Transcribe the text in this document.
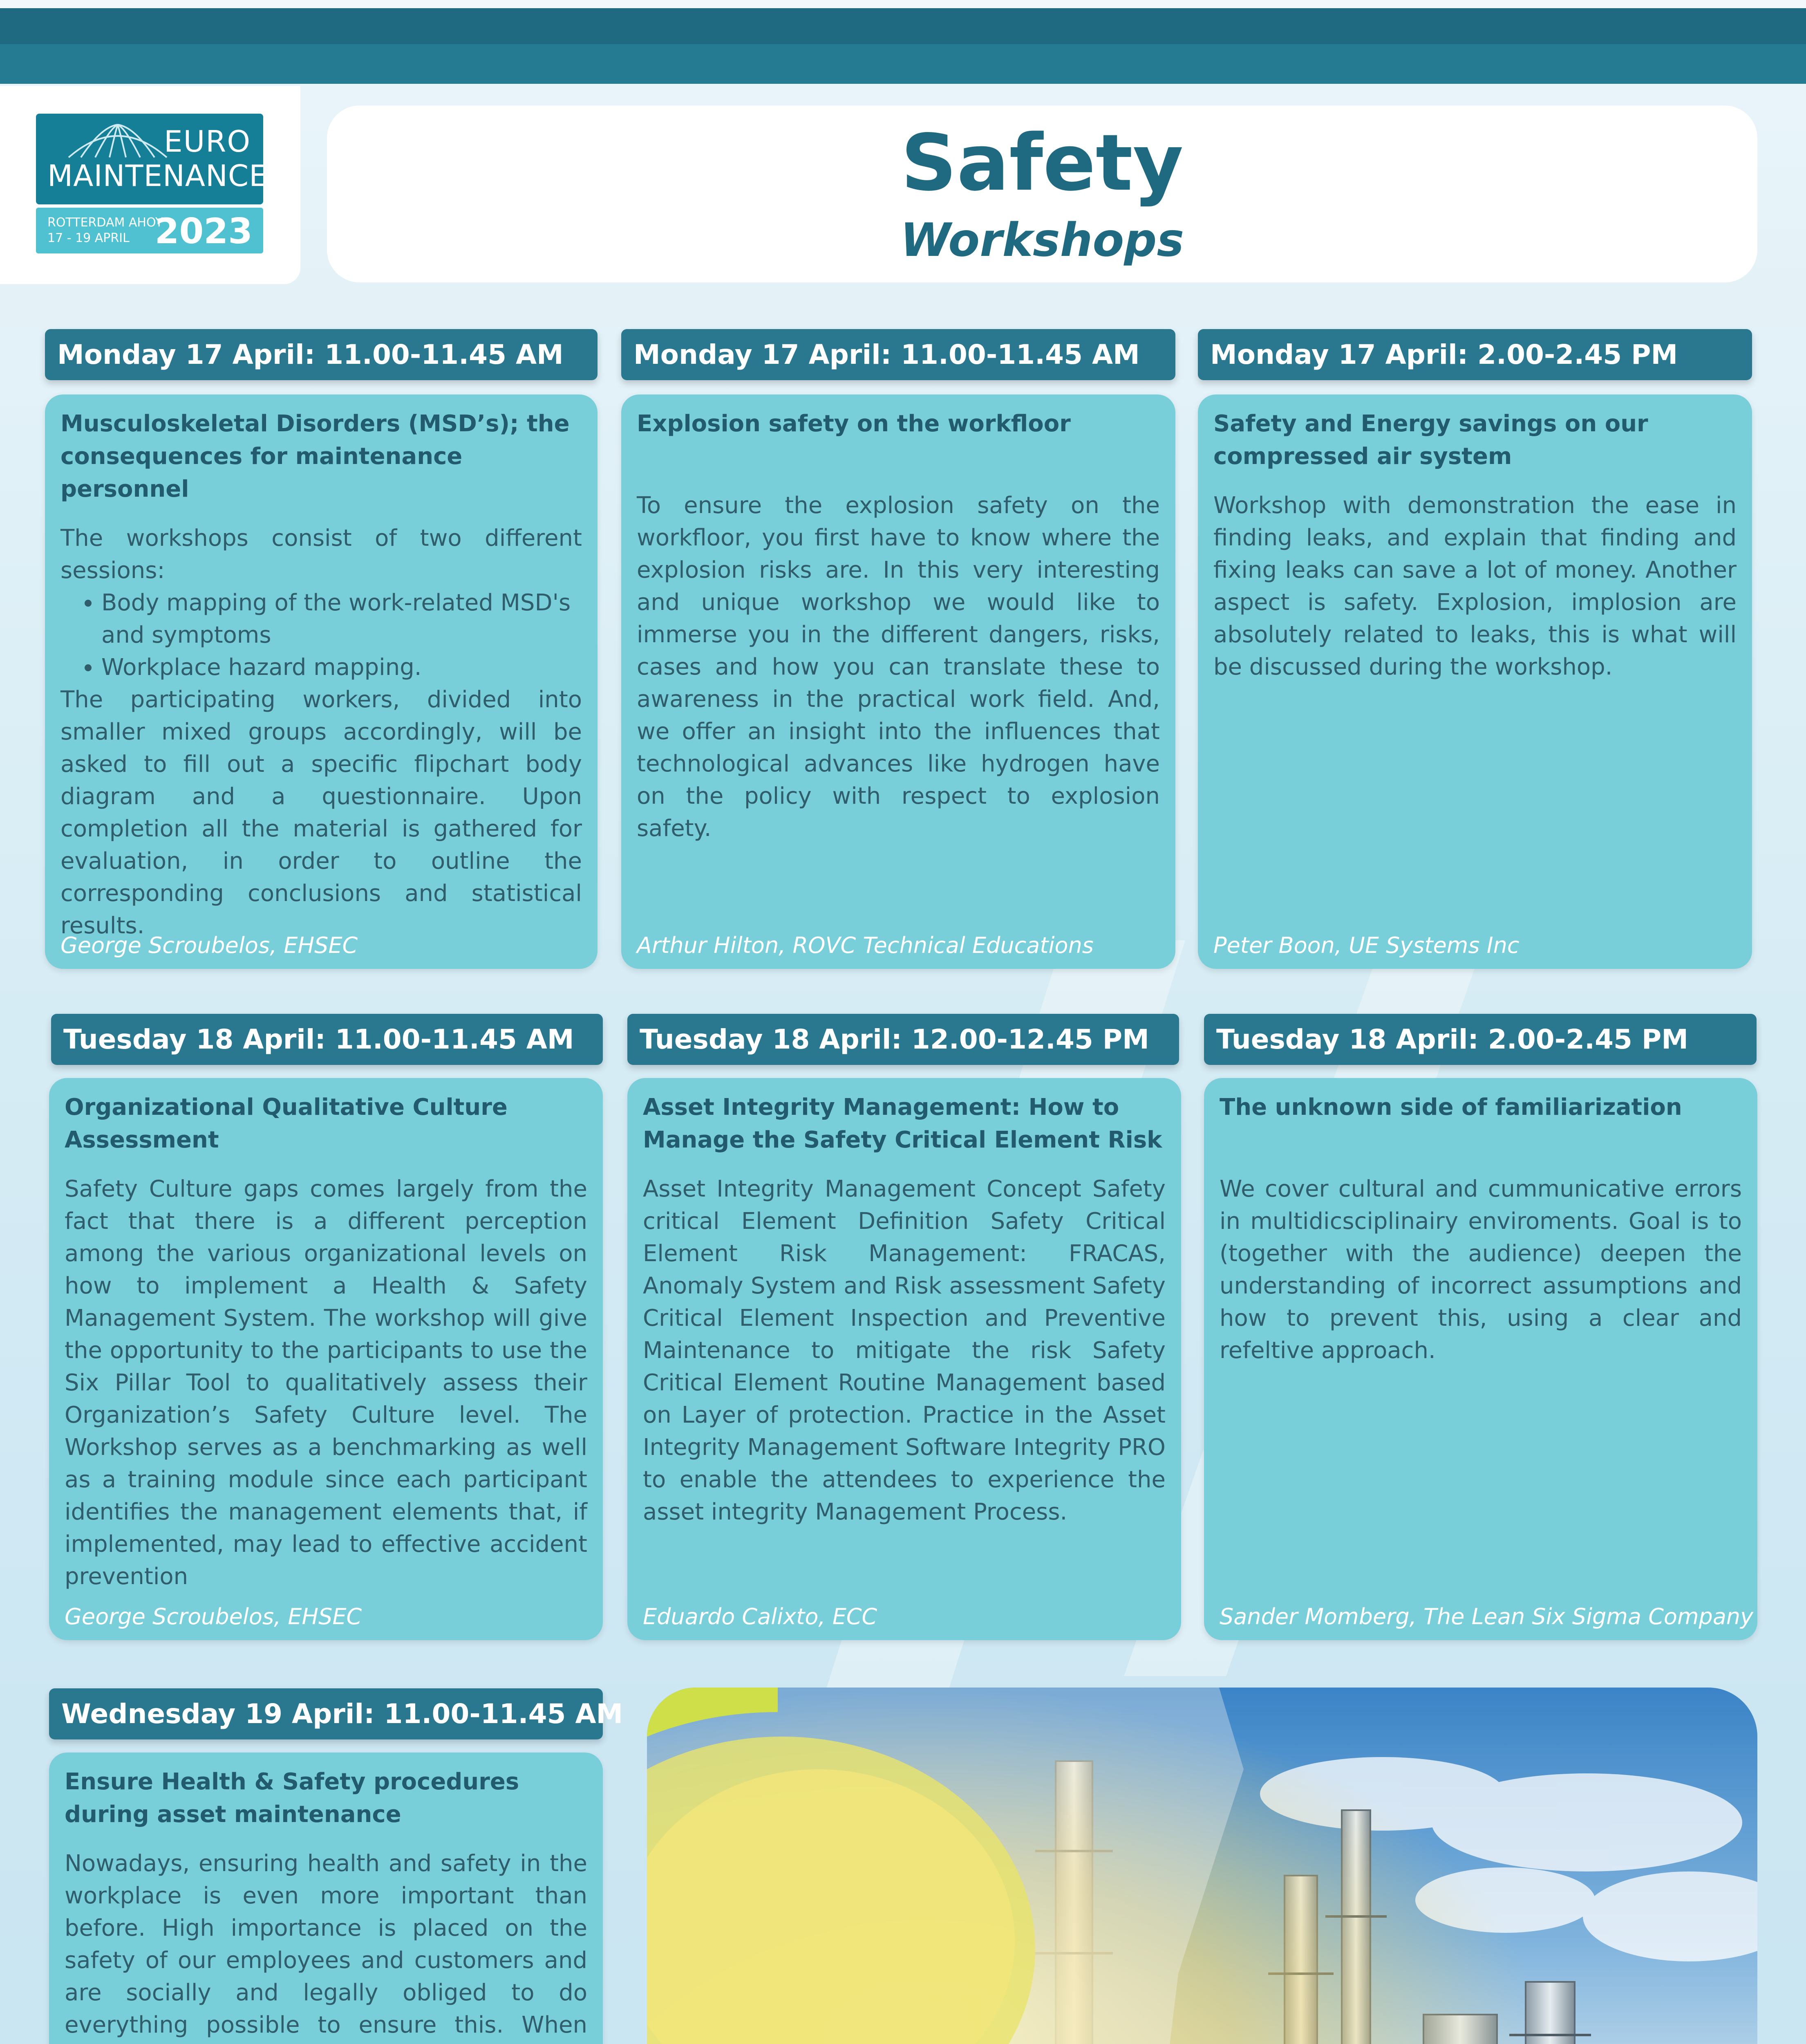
EURO
MAINTENANCE
ROTTERDAM AHOY
17 - 19 APRIL 2023
Safety
Workshops
Monday 17 April: 11.00-11.45 AM

Musculoskeletal Disorders (MSD’s); the consequences for maintenance personnel

The workshops consist of two different sessions:

• Body mapping of the work-related MSD's and symptoms
• Workplace hazard mapping.

The participating workers, divided into smaller mixed groups accordingly, will be asked to fill out a specific flipchart body diagram and a questionnaire. Upon completion all the material is gathered for evaluation, in order to outline the corresponding conclusions and statistical results.

George Scroubelos, EHSEC
Monday 17 April: 11.00-11.45 AM

Explosion safety on the workfloor

To ensure the explosion safety on the workfloor, you first have to know where the explosion risks are. In this very interesting and unique workshop we would like to immerse you in the different dangers, risks, cases and how you can translate these to awareness in the practical work field. And, we offer an insight into the influences that technological advances like hydrogen have on the policy with respect to explosion safety.

Arthur Hilton, ROVC Technical Educations
Monday 17 April: 2.00-2.45 PM

Safety and Energy savings on our compressed air system

Workshop with demonstration the ease in finding leaks, and explain that finding and fixing leaks can save a lot of money. Another aspect is safety. Explosion, implosion are absolutely related to leaks, this is what will be discussed during the workshop.

Peter Boon, UE Systems Inc
Tuesday 18 April: 11.00-11.45 AM

Organizational Qualitative Culture Assessment

Safety Culture gaps comes largely from the fact that there is a different perception among the various organizational levels on how to implement a Health & Safety Management System. The workshop will give the opportunity to the participants to use the Six Pillar Tool to qualitatively assess their Organization’s Safety Culture level. The Workshop serves as a benchmarking as well as a training module since each participant identifies the management elements that, if implemented, may lead to effective accident prevention

George Scroubelos, EHSEC
Tuesday 18 April: 12.00-12.45 PM

Asset Integrity Management: How to Manage the Safety Critical Element Risk

Asset Integrity Management Concept Safety critical Element Definition Safety Critical Element Risk Management: FRACAS, Anomaly System and Risk assessment Safety Critical Element Inspection and Preventive Maintenance to mitigate the risk Safety Critical Element Routine Management based on Layer of protection. Practice in the Asset Integrity Management Software Integrity PRO to enable the attendees to experience the asset integrity Management Process.

Eduardo Calixto, ECC
Tuesday 18 April: 2.00-2.45 PM

The unknown side of familiarization

We cover cultural and cummunicative errors in multidicsciplinairy enviroments. Goal is to (together with the audience) deepen the understanding of incorrect assumptions and how to prevent this, using a clear and refeltive approach.

Sander Momberg, The Lean Six Sigma Company
Wednesday 19 April: 11.00-11.45 AM

Ensure Health & Safety procedures during asset maintenance

Nowadays, ensuring health and safety in the workplace is even more important than before. High importance is placed on the safety of our employees and customers and are socially and legally obliged to do everything possible to ensure this. When
